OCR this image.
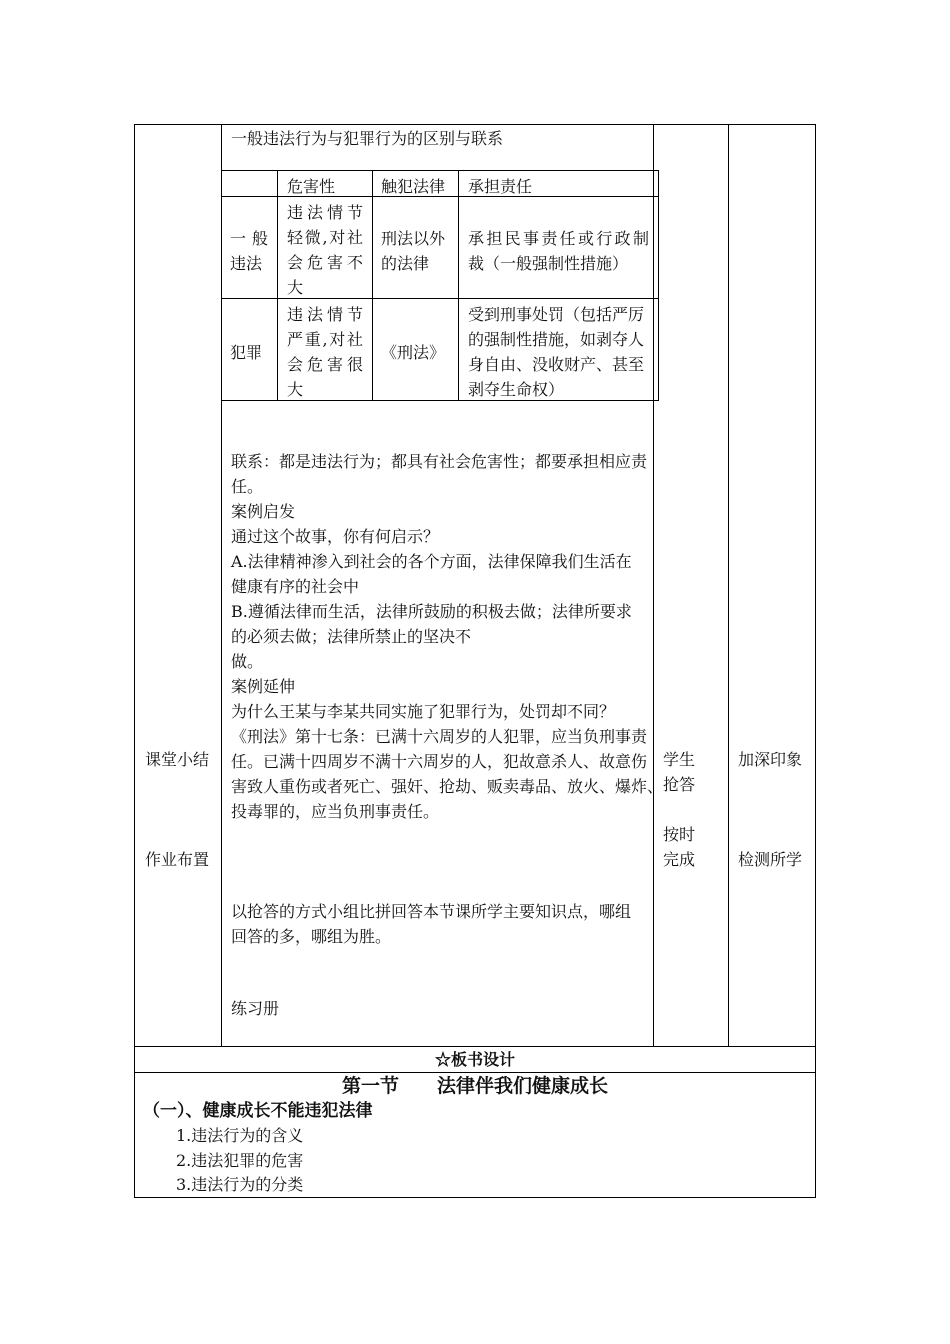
课堂小结
作业布置
一般违法行为与犯罪行为的区别与联系
危害性	触犯法律 承担责任
一 般
违法
违法情节
轻微,对社
会危害不
大
刑法以外
的法律
承担民事责任或行政制
裁（一般强制性措施）
犯罪
违法情节
严重,对社
会危害很
大
《刑法》
受到刑事处罚（包括严厉
的强制性措施，如剥夺人
身自由、没收财产、甚至
剥夺生命权）
联系：都是违法行为；都具有社会危害性；都要承担相应责
任。
案例启发
通过这个故事，你有何启示？
A.法律精神渗入到社会的各个方面，法律保障我们生活在
健康有序的社会中
B.遵循法律而生活，法律所鼓励的积极去做；法律所要求
的必须去做；法律所禁止的坚决不
做。
案例延伸
为什么王某与李某共同实施了犯罪行为，处罚却不同？
《刑法》第十七条：已满十六周岁的人犯罪，应当负刑事责
任。已满十四周岁不满十六周岁的人，犯故意杀人、故意伤
害致人重伤或者死亡、强奸、抢劫、贩卖毒品、放火、爆炸、
投毒罪的，应当负刑事责任。
以抢答的方式小组比拼回答本节课所学主要知识点，哪组
回答的多，哪组为胜。
练习册
学生
抢答
按时
完成
加深印象
检测所学
☆板书设计
第一节　　法律伴我们健康成长
（一）、健康成长不能违犯法律
1.违法行为的含义
2.违法犯罪的危害
3.违法行为的分类
